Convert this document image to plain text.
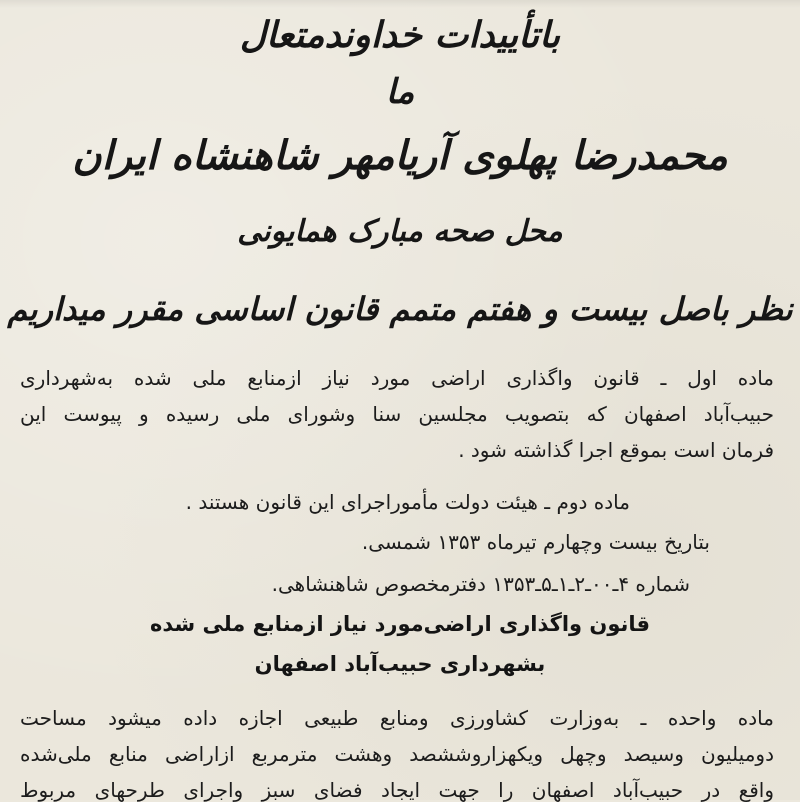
باتأییدات خداوندمتعال
ما
محمدرضا پهلوی آریامهر شاهنشاه ایران
محل صحه مبارک همایونی
نظر باصل بیست و هفتم متمم قانون اساسی مقرر میداریم
ماده اول ـ قانون واگذاری اراضی مورد نیاز ازمنابع ملی شده به‌شهرداری
حبیب‌آباد اصفهان که بتصویب مجلسین سنا وشورای ملی رسیده و پیوست این
فرمان است بموقع اجرا گذاشته شود .
ماده دوم ـ هیئت دولت مأموراجرای این قانون هستند .
بتاریخ بیست وچهارم تیرماه ۱۳۵۳ شمسی.
شماره ۴ـ۰۰ـ۲ـ۱ـ۵ـ۱۳۵۳ دفترمخصوص شاهنشاهی.
قانون واگذاری اراضی‌مورد نیاز ازمنابع ملی شده
بشهرداری حبیب‌آباد اصفهان
ماده واحده ـ به‌وزارت کشاورزی ومنابع طبیعی اجازه داده میشود مساحت
دومیلیون وسیصد وچهل ویکهزاروششصد وهشت مترمربع ازاراضی منابع ملی‌شده
واقع در حبیب‌آباد اصفهان را جهت ایجاد فضای سبز واجرای طرحهای مربوط
